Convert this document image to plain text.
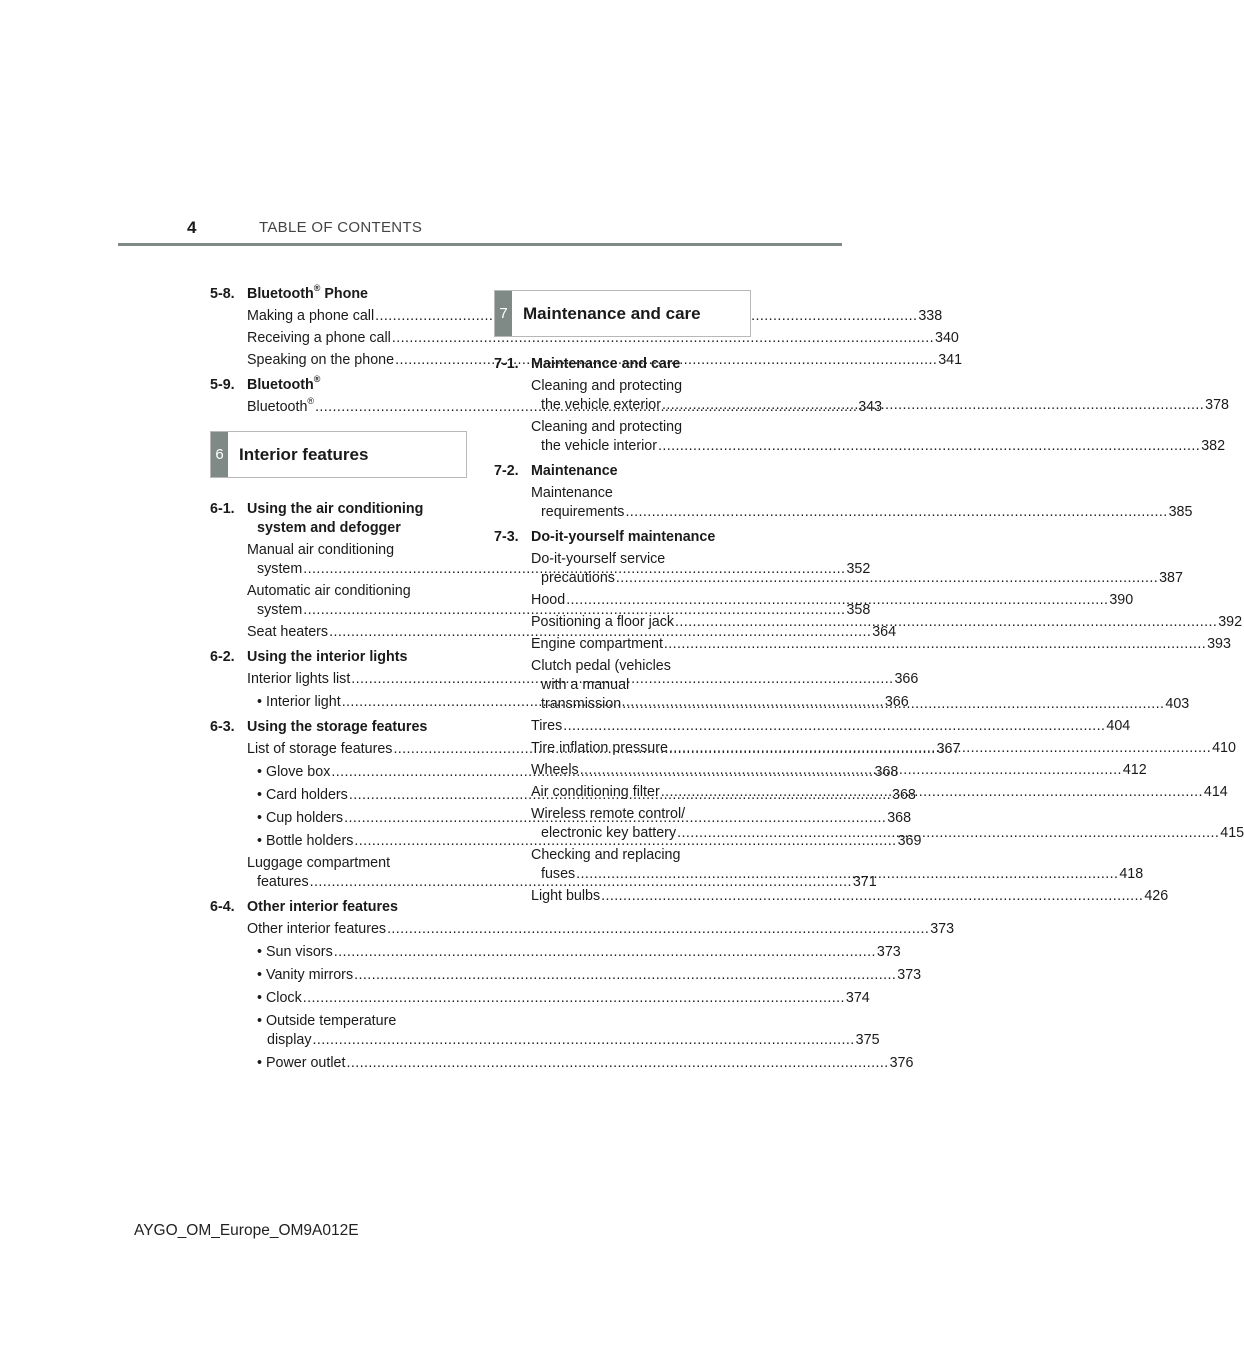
4	TABLE OF CONTENTS
5-8. Bluetooth® Phone
Making a phone call .....	338
Receiving a phone call .....	340
Speaking on the phone .....	341
5-9. Bluetooth®
Bluetooth® .....	343
6 Interior features
6-1. Using the air conditioning
system and defogger
Manual air conditioning
system .....	352
Automatic air conditioning
system .....	358
Seat heaters .....	364
6-2. Using the interior lights
Interior lights list .....	366
• Interior light .....	366
6-3. Using the storage features
List of storage features .....	367
• Glove box .....	368
• Card holders .....	368
• Cup holders .....	368
• Bottle holders .....	369
Luggage compartment
features .....	371
6-4. Other interior features
Other interior features .....	373
• Sun visors .....	373
• Vanity mirrors .....	373
• Clock .....	374
• Outside temperature
display .....	375
• Power outlet .....	376
7 Maintenance and care
7-1. Maintenance and care
Cleaning and protecting
the vehicle exterior .....	378
Cleaning and protecting
the vehicle interior .....	382
7-2. Maintenance
Maintenance
requirements .....	385
7-3. Do-it-yourself maintenance
Do-it-yourself service
precautions .....	387
Hood .....	390
Positioning a floor jack .....	392
Engine compartment .....	393
Clutch pedal (vehicles
with a manual
transmission .....	403
Tires .....	404
Tire inflation pressure .....	410
Wheels .....	412
Air conditioning filter .....	414
Wireless remote control/
electronic key battery .....	415
Checking and replacing
fuses .....	418
Light bulbs .....	426
AYGO_OM_Europe_OM9A012E
